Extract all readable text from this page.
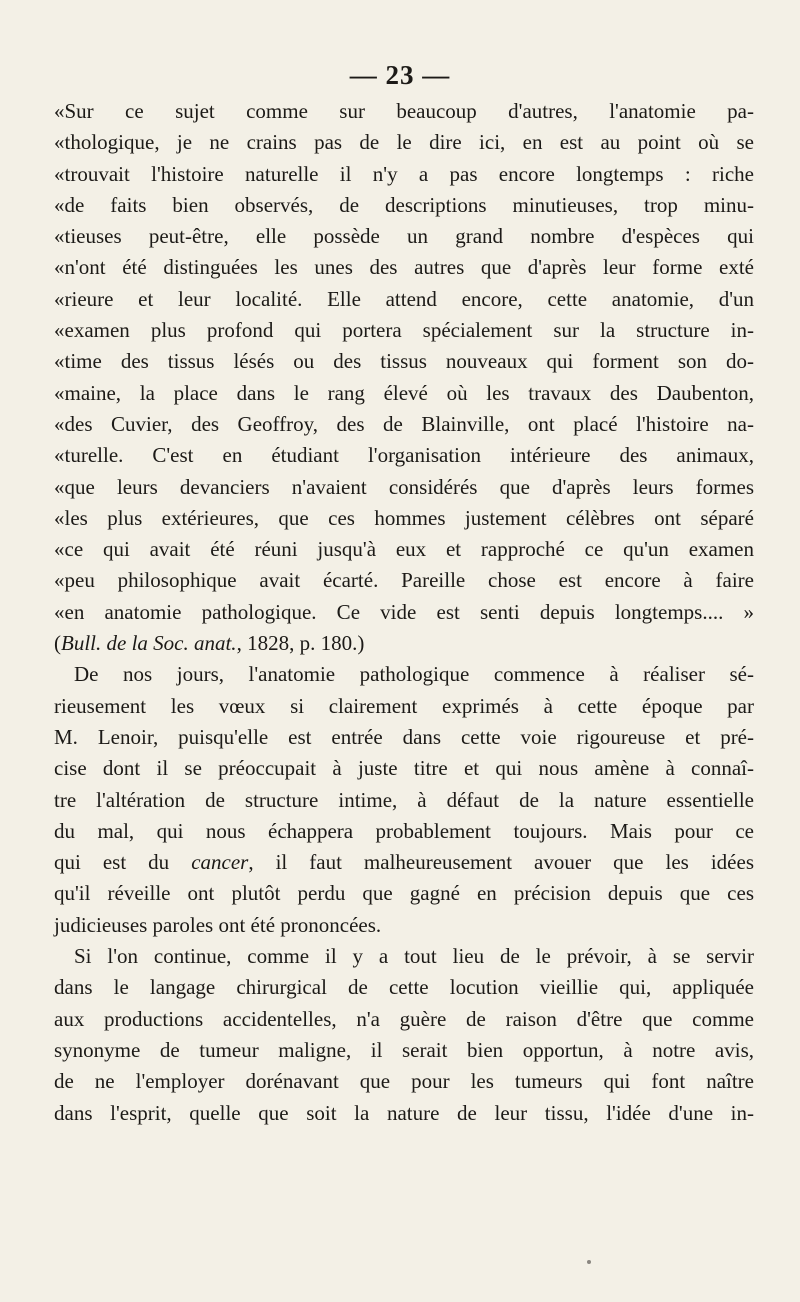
— 23 —
«Sur ce sujet comme sur beaucoup d'autres, l'anatomie pa-
«thologique, je ne crains pas de le dire ici, en est au point où se
«trouvait l'histoire naturelle il n'y a pas encore longtemps : riche
«de faits bien observés, de descriptions minutieuses, trop minu-
«tieuses peut-être, elle possède un grand nombre d'espèces qui
«n'ont été distinguées les unes des autres que d'après leur forme exté
«rieure et leur localité. Elle attend encore, cette anatomie, d'un
«examen plus profond qui portera spécialement sur la structure in-
«time des tissus lésés ou des tissus nouveaux qui forment son do-
«maine, la place dans le rang élevé où les travaux des Daubenton,
«des Cuvier, des Geoffroy, des de Blainville, ont placé l'histoire na-
«turelle. C'est en étudiant l'organisation intérieure des animaux,
«que leurs devanciers n'avaient considérés que d'après leurs formes
«les plus extérieures, que ces hommes justement célèbres ont séparé
«ce qui avait été réuni jusqu'à eux et rapproché ce qu'un examen
«peu philosophique avait écarté. Pareille chose est encore à faire
«en anatomie pathologique. Ce vide est senti depuis longtemps.... »
(Bull. de la Soc. anat., 1828, p. 180.)
De nos jours, l'anatomie pathologique commence à réaliser sé-
rieusement les vœux si clairement exprimés à cette époque par
M. Lenoir, puisqu'elle est entrée dans cette voie rigoureuse et pré-
cise dont il se préoccupait à juste titre et qui nous amène à connaî-
tre l'altération de structure intime, à défaut de la nature essentielle
du mal, qui nous échappera probablement toujours. Mais pour ce
qui est du cancer, il faut malheureusement avouer que les idées
qu'il réveille ont plutôt perdu que gagné en précision depuis que ces
judicieuses paroles ont été prononcées.
Si l'on continue, comme il y a tout lieu de le prévoir, à se servir
dans le langage chirurgical de cette locution vieillie qui, appliquée
aux productions accidentelles, n'a guère de raison d'être que comme
synonyme de tumeur maligne, il serait bien opportun, à notre avis,
de ne l'employer dorénavant que pour les tumeurs qui font naître
dans l'esprit, quelle que soit la nature de leur tissu, l'idée d'une in-
